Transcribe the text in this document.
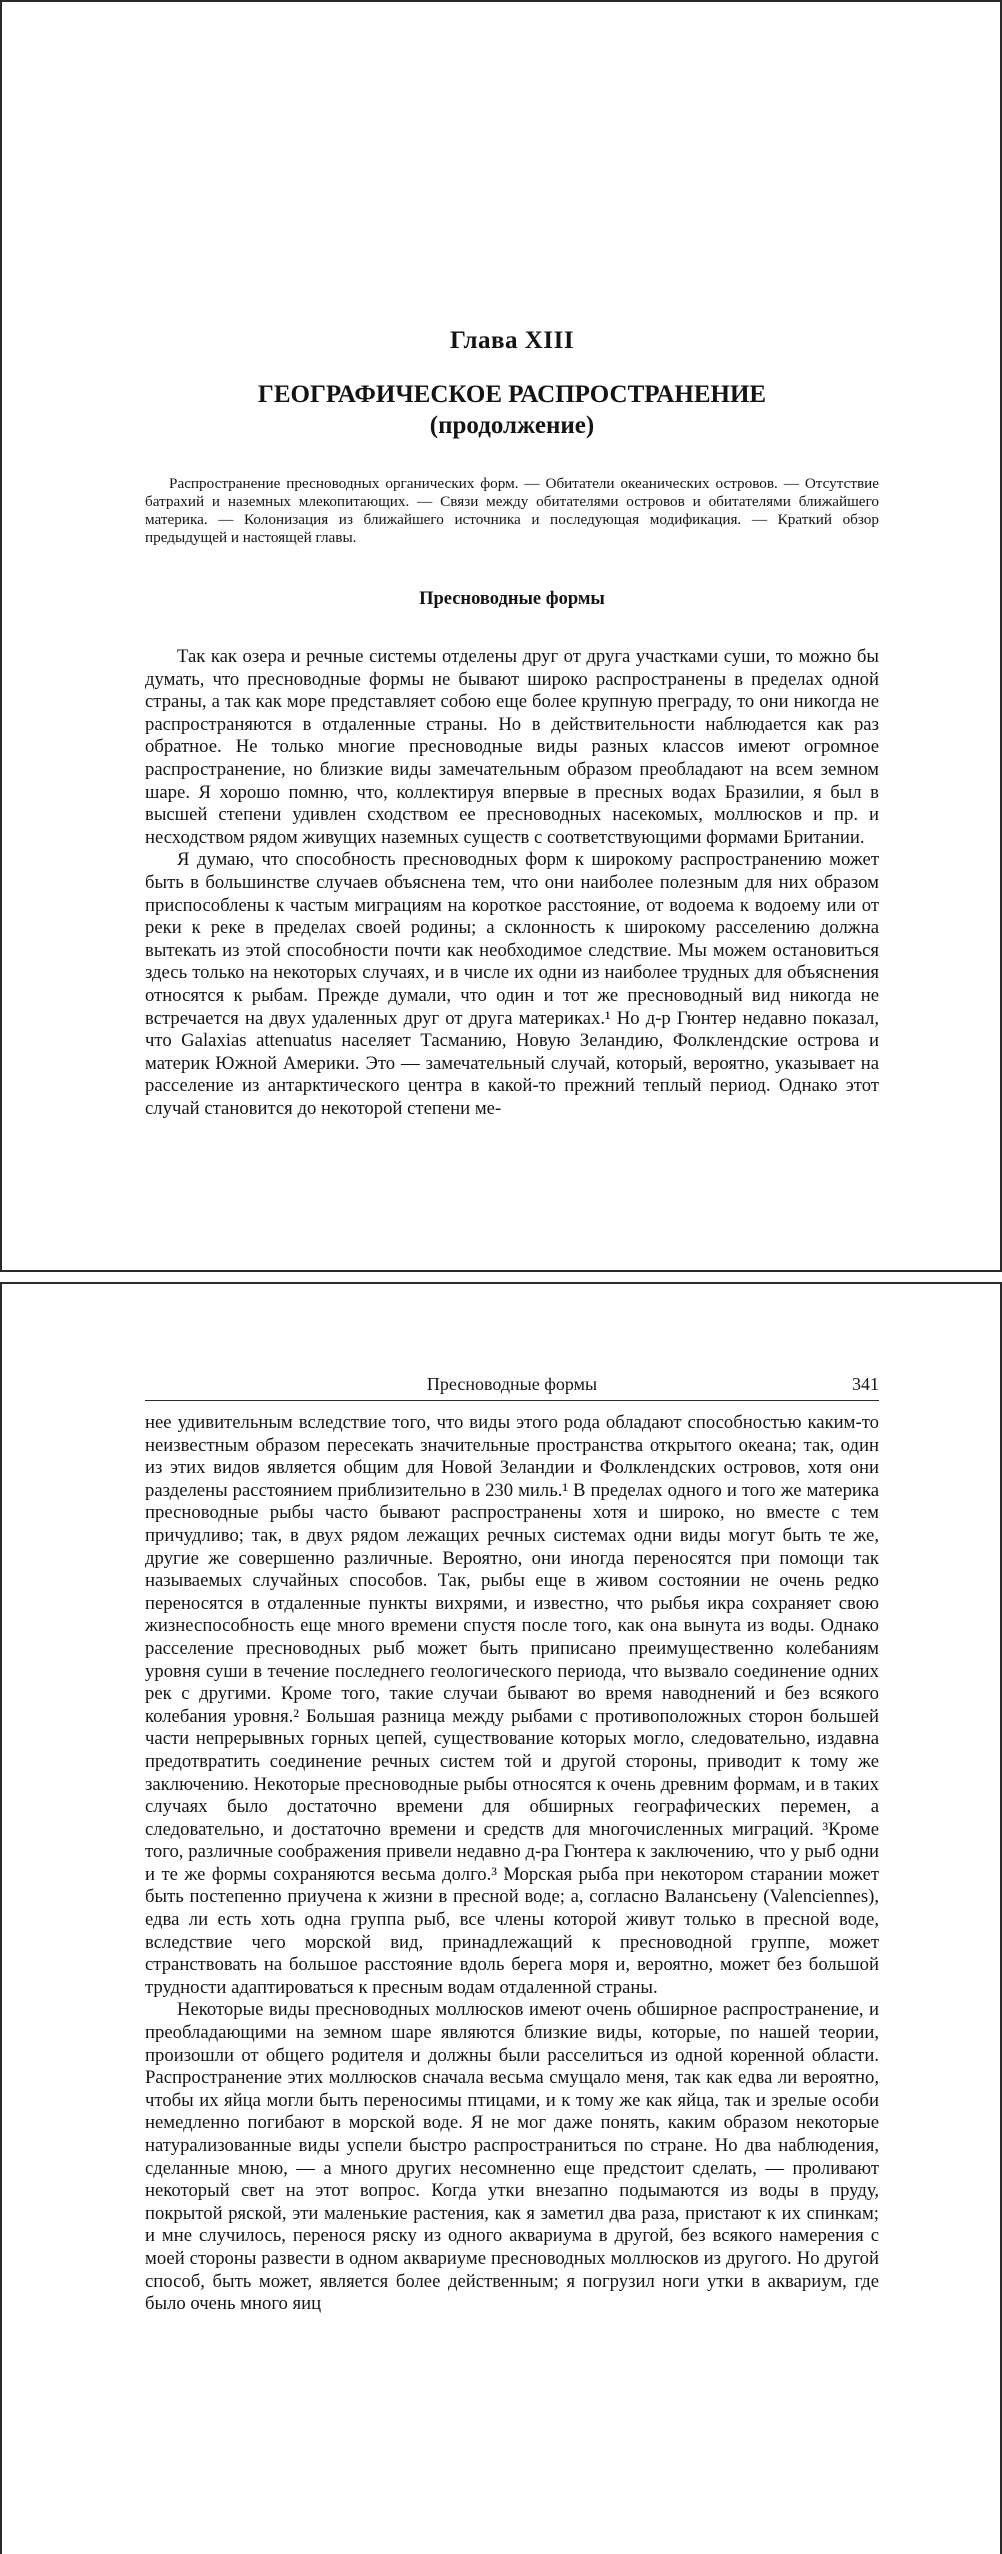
Глава XIII
ГЕОГРАФИЧЕСКОЕ РАСПРОСТРАНЕНИЕ
(продолжение)

Распространение пресноводных органических форм. — Обитатели океанических островов. — Отсутствие батрахий и наземных млекопитающих. — Связи между обитателями островов и обитателями ближайшего материка. — Колонизация из ближайшего источника и последующая модификация. — Краткий обзор предыдущей и настоящей главы.

Пресноводные формы

Так как озера и речные системы отделены друг от друга участками суши, то можно бы думать, что пресноводные формы не бывают широко распространены в пределах одной страны, а так как море представляет собою еще более крупную преграду, то они никогда не распространяются в отдаленные страны. Но в действительности наблюдается как раз обратное. Не только многие пресноводные виды разных классов имеют огромное распространение, но близкие виды замечательным образом преобладают на всем земном шаре. Я хорошо помню, что, коллектируя впервые в пресных водах Бразилии, я был в высшей степени удивлен сходством ее пресноводных насекомых, моллюсков и пр. и несходством рядом живущих наземных существ с соответствующими формами Британии.

Я думаю, что способность пресноводных форм к широкому распространению может быть в большинстве случаев объяснена тем, что они наиболее полезным для них образом приспособлены к частым миграциям на короткое расстояние, от водоема к водоему или от реки к реке в пределах своей родины; а склонность к широкому расселению должна вытекать из этой способности почти как необходимое следствие. Мы можем остановиться здесь только на некоторых случаях, и в числе их одни из наиболее трудных для объяснения относятся к рыбам. Прежде думали, что один и тот же пресноводный вид никогда не встречается на двух удаленных друг от друга материках.¹ Но д-р Гюнтер недавно показал, что Galaxias attenuatus населяет Тасманию, Новую Зеландию, Фолклендские острова и материк Южной Америки. Это — замечательный случай, который, вероятно, указывает на расселение из антарктического центра в какой-то прежний теплый период. Однако этот случай становится до некоторой степени ме-

Пресноводные формы	341

нее удивительным вследствие того, что виды этого рода обладают способностью каким-то неизвестным образом пересекать значительные пространства открытого океана; так, один из этих видов является общим для Новой Зеландии и Фолклендских островов, хотя они разделены расстоянием приблизительно в 230 миль.¹ В пределах одного и того же материка пресноводные рыбы часто бывают распространены хотя и широко, но вместе с тем причудливо; так, в двух рядом лежащих речных системах одни виды могут быть те же, другие же совершенно различные. Вероятно, они иногда переносятся при помощи так называемых случайных способов. Так, рыбы еще в живом состоянии не очень редко переносятся в отдаленные пункты вихрями, и известно, что рыбья икра сохраняет свою жизнеспособность еще много времени спустя после того, как она вынута из воды. Однако расселение пресноводных рыб может быть приписано преимущественно колебаниям уровня суши в течение последнего геологического периода, что вызвало соединение одних рек с другими. Кроме того, такие случаи бывают во время наводнений и без всякого колебания уровня.² Большая разница между рыбами с противоположных сторон большей части непрерывных горных цепей, существование которых могло, следовательно, издавна предотвратить соединение речных систем той и другой стороны, приводит к тому же заключению. Некоторые пресноводные рыбы относятся к очень древним формам, и в таких случаях было достаточно времени для обширных географических перемен, а следовательно, и достаточно времени и средств для многочисленных миграций. ³Кроме того, различные соображения привели недавно д-ра Гюнтера к заключению, что у рыб одни и те же формы сохраняются весьма долго.³ Морская рыба при некотором старании может быть постепенно приучена к жизни в пресной воде; а, согласно Валансьену (Valenciennes), едва ли есть хоть одна группа рыб, все члены которой живут только в пресной воде, вследствие чего морской вид, принадлежащий к пресноводной группе, может странствовать на большое расстояние вдоль берега моря и, вероятно, может без большой трудности адаптироваться к пресным водам отдаленной страны.

Некоторые виды пресноводных моллюсков имеют очень обширное распространение, и преобладающими на земном шаре являются близкие виды, которые, по нашей теории, произошли от общего родителя и должны были расселиться из одной коренной области. Распространение этих моллюсков сначала весьма смущало меня, так как едва ли вероятно, чтобы их яйца могли быть переносимы птицами, и к тому же как яйца, так и зрелые особи немедленно погибают в морской воде. Я не мог даже понять, каким образом некоторые натурализованные виды успели быстро распространиться по стране. Но два наблюдения, сделанные мною, — а много других несомненно еще предстоит сделать, — проливают некоторый свет на этот вопрос. Когда утки внезапно подымаются из воды в пруду, покрытой ряской, эти маленькие растения, как я заметил два раза, пристают к их спинкам; и мне случилось, перенося ряску из одного аквариума в другой, без всякого намерения с моей стороны развести в одном аквариуме пресноводных моллюсков из другого. Но другой способ, быть может, является более действенным; я погрузил ноги утки в аквариум, где было очень много яиц
